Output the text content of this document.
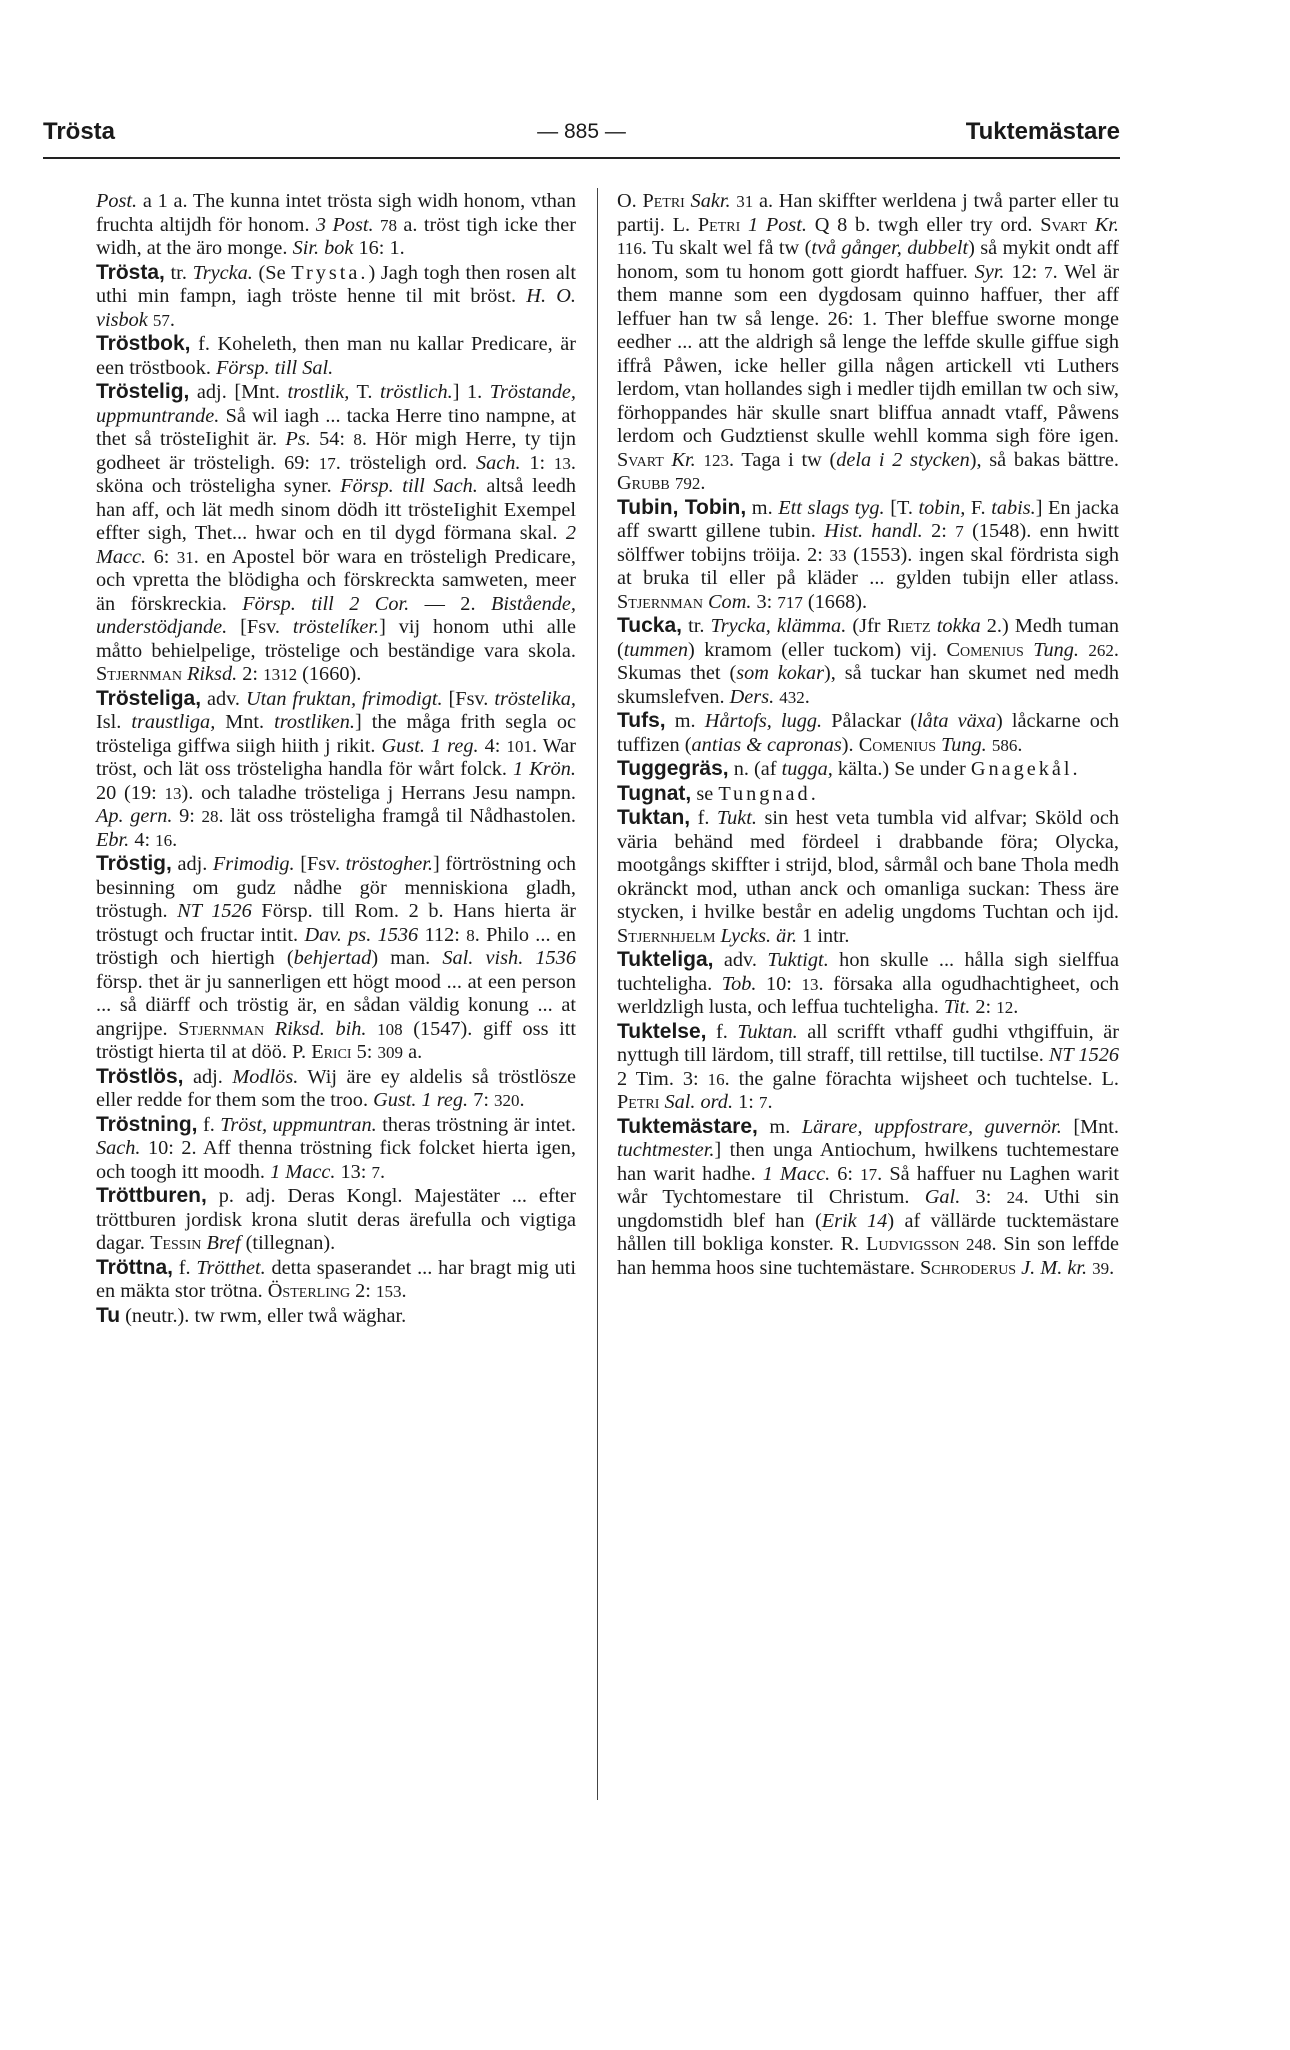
Trösta	— 885 —	Tuktemästare

Post. a 1 a. The kunna intet trösta sigh widh honom, vthan fruchta altijdh för honom. 3 Post. 78 a. tröst tigh icke ther widh, at the äro monge. Sir. bok 16: 1.

Trösta, tr. Trycka. (Se Trysta.) Jagh togh then rosen alt uthi min fampn, iagh tröste henne til mit bröst. H. O. visbok 57.

Tröstbok, f. Koheleth, then man nu kallar Predicare, är een tröstbook. Försp. till Sal.

Tröstelig, adj. [Mnt. trostlik, T. tröstlich.] 1. Tröstande, uppmuntrande. Så wil iagh ... tacka Herre tino nampne, at thet så trösteIighit är. Ps. 54: 8. Hör migh Herre, ty tijn godheet är trösteligh. 69: 17. trösteligh ord. Sach. 1: 13. sköna och trösteligha syner. Försp. till Sach. altså leedh han aff, och lät medh sinom dödh itt trösteIighit Exempel effter sigh, Thet... hwar och en til dygd förmana skal. 2 Macc. 6: 31. en Apostel bör wara en trösteligh Predicare, och vpretta the blödigha och förskreckta samweten, meer än förskreckia. Försp. till 2 Cor. — 2. Bistående, understödjande. [Fsv. tröstelíker.] vij honom uthi alle måtto behielpelige, tröstelige och beständige vara skola. Stjernman Riksd. 2: 1312 (1660).

Trösteliga, adv. Utan fruktan, frimodigt. [Fsv. tröstelika, Isl. traustliga, Mnt. trostliken.] the måga frith segla oc trösteliga giffwa siigh hiith j rikit. Gust. 1 reg. 4: 101. War tröst, och lät oss trösteligha handla för wårt folck. 1 Krön. 20 (19: 13). och taladhe trösteliga j Herrans Jesu nampn. Ap. gern. 9: 28. lät oss trösteligha framgå til Nådhastolen. Ebr. 4: 16.

Tröstig, adj. Frimodig. [Fsv. tröstogher.] förtröstning och besinning om gudz nådhe gör menniskiona gladh, tröstugh. NT 1526 Försp. till Rom. 2 b. Hans hierta är tröstugt och fructar intit. Dav. ps. 1536 112: 8. Philo ... en tröstigh och hiertigh (behjertad) man. Sal. vish. 1536 försp. thet är ju sannerligen ett högt mood ... at een person ... så diärff och tröstig är, en sådan väldig konung ... at angrijpe. Stjernman Riksd. bih. 108 (1547). giff oss itt tröstigt hierta til at döö. P. Erici 5: 309 a.

Tröstlös, adj. Modlös. Wij äre ey aldelis så tröstlösze eller redde for them som the troo. Gust. 1 reg. 7: 320.

Tröstning, f. Tröst, uppmuntran. theras tröstning är intet. Sach. 10: 2. Aff thenna tröstning fick folcket hierta igen, och toogh itt moodh. 1 Macc. 13: 7.

Tröttburen, p. adj. Deras Kongl. Majestäter ... efter tröttburen jordisk krona slutit deras ärefulla och vigtiga dagar. Tessin Bref (tillegnan).

Tröttna, f. Trötthet. detta spaserandet ... har bragt mig uti en mäkta stor trötna. Österling 2: 153.

Tu (neutr.). tw rwm, eller twå wäghar.

O. Petri Sakr. 31 a. Han skiffter werldena j twå parter eller tu partij. L. Petri 1 Post. Q 8 b. twgh eller try ord. Svart Kr. 116. Tu skalt wel få tw (två gånger, dubbelt) så mykit ondt aff honom, som tu honom gott giordt haffuer. Syr. 12: 7. Wel är them manne som een dygdosam quinno haffuer, ther aff leffuer han tw så lenge. 26: 1. Ther bleffue sworne monge eedher ... att the aldrigh så lenge the leffde skulle giffue sigh iffrå Påwen, icke heller gilla någen artickell vti Luthers lerdom, vtan hollandes sigh i medler tijdh emillan tw och siw, förhoppandes här skulle snart bliffua annadt vtaff, Påwens lerdom och Gudztienst skulle wehll komma sigh före igen. Svart Kr. 123. Taga i tw (dela i 2 stycken), så bakas bättre. Grubb 792.

Tubin, Tobin, m. Ett slags tyg. [T. tobin, F. tabis.] En jacka aff swartt gillene tubin. Hist. handl. 2: 7 (1548). enn hwitt sölffwer tobijns tröija. 2: 33 (1553). ingen skal fördrista sigh at bruka til eller på kläder ... gylden tubijn eller atlass. Stjernman Com. 3: 717 (1668).

Tucka, tr. Trycka, klämma. (Jfr Rietz tokka 2.) Medh tuman (tummen) kramom (eller tuckom) vij. Comenius Tung. 262. Skumas thet (som kokar), så tuckar han skumet ned medh skumslefven. Ders. 432.

Tufs, m. Hårtofs, lugg. Pålackar (låta växa) låckarne och tuffizen (antias & capronas). Comenius Tung. 586.

Tuggegräs, n. (af tugga, kälta.) Se under Gnagekål.

Tugnat, se Tungnad.

Tuktan, f. Tukt. sin hest veta tumbla vid alfvar; Sköld och väria behänd med fördeel i drabbande föra; Olycka, mootgångs skiffter i strijd, blod, sårmål och bane Thola medh okränckt mod, uthan anck och omanliga suckan: Thess äre stycken, i hvilke består en adelig ungdoms Tuchtan och ijd. Stjernhjelm Lycks. är. 1 intr.

Tukteliga, adv. Tuktigt. hon skulle ... hålla sigh sielffua tuchteligha. Tob. 10: 13. försaka alla ogudhachtigheet, och werldzligh lusta, och leffua tuchteligha. Tit. 2: 12.

Tuktelse, f. Tuktan. all scrifft vthaff gudhi vthgiffuin, är nyttugh till lärdom, till straff, till rettilse, till tuctilse. NT 1526 2 Tim. 3: 16. the galne förachta wijsheet och tuchtelse. L. Petri Sal. ord. 1: 7.

Tuktemästare, m. Lärare, uppfostrare, guvernör. [Mnt. tuchtmester.] then unga Antiochum, hwilkens tuchtemestare han warit hadhe. 1 Macc. 6: 17. Så haffuer nu Laghen warit wår Tychtomestare til Christum. Gal. 3: 24. Uthi sin ungdomstidh blef han (Erik 14) af vällärde tucktemästare hållen till bokliga konster. R. Ludvigsson 248. Sin son leffde han hemma hoos sine tuchtemästare. Schroderus J. M. kr. 39.
